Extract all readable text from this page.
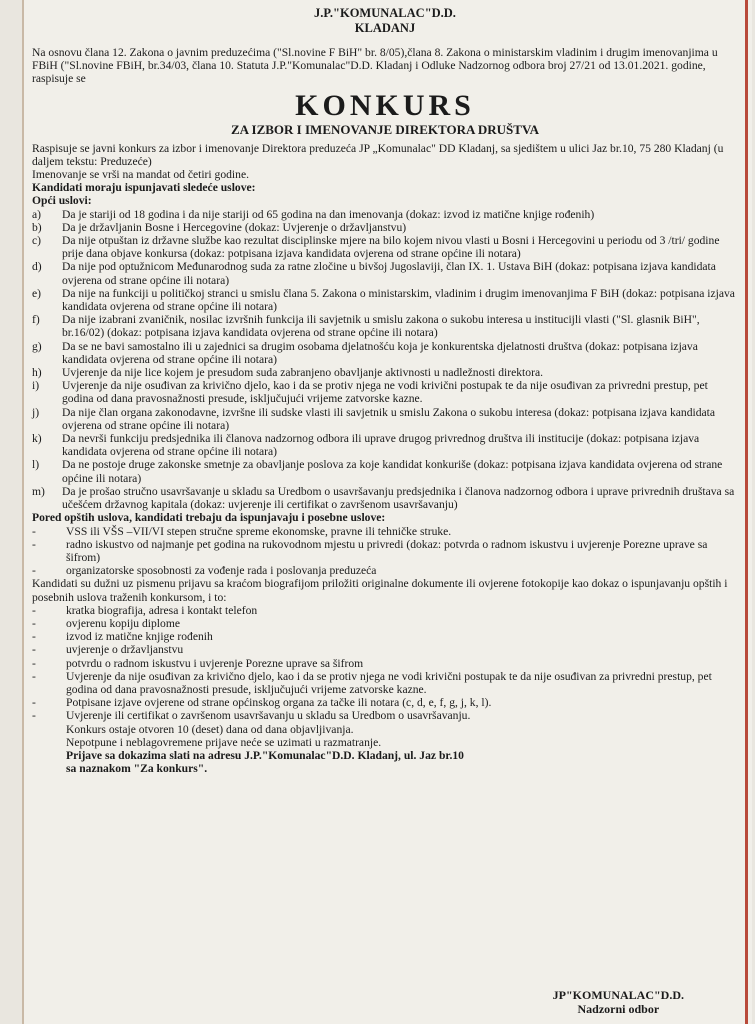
J.P."KOMUNALAC"D.D.
KLADANJ

Na osnovu člana 12. Zakona o javnim preduzećima ("Sl.novine F BiH" br. 8/05),člana 8. Zakona o ministarskim vladinim i drugim imenovanjima u FBiH ("Sl.novine FBiH, br.34/03, člana 10. Statuta J.P."Komunalac"D.D. Kladanj i Odluke Nadzornog odbora broj 27/21 od 13.01.2021. godine, raspisuje se

KONKURS
ZA IZBOR I IMENOVANJE DIREKTORA DRUŠTVA

Raspisuje se javni konkurs za izbor i imenovanje Direktora preduzeća JP „Komunalac" DD Kladanj, sa sjedištem u ulici Jaz br.10, 75 280 Kladanj (u daljem tekstu: Preduzeće)

Imenovanje se vrši na mandat od četiri godine.

Kandidati moraju ispunjavati sledeće uslove:

Opći uslovi:

a)	Da je stariji od 18 godina i da nije stariji od 65 godina na dan imenovanja (dokaz: izvod iz matične knjige rođenih)
b)	Da je državljanin Bosne i Hercegovine (dokaz: Uvjerenje o državljanstvu)
c)	Da nije otpuštan iz državne službe kao rezultat disciplinske mjere na bilo kojem nivou vlasti u Bosni i Hercegovini u periodu od 3 /tri/ godine prije dana objave konkursa (dokaz: potpisana izjava kandidata ovjerena od strane općine ili notara)
d)	Da nije pod optužnicom Međunarodnog suda za ratne zločine u bivšoj Jugoslaviji, član IX. 1. Ustava BiH (dokaz: potpisana izjava kandidata ovjerena od strane općine ili notara)
e)	Da nije na funkciji u političkoj stranci u smislu člana 5. Zakona o ministarskim, vladinim i drugim imenovanjima F BiH (dokaz: potpisana izjava kandidata ovjerena od strane općine ili notara)
f)	Da nije izabrani zvaničnik, nosilac izvršnih funkcija ili savjetnik u smislu zakona o sukobu interesa u institucijli vlasti ("Sl. glasnik BiH", br.16/02) (dokaz: potpisana izjava kandidata ovjerena od strane općine ili notara)
g)	Da se ne bavi samostalno ili u zajednici sa drugim osobama djelatnošću koja je konkurentska djelatnosti društva (dokaz: potpisana izjava kandidata ovjerena od strane općine ili notara)
h)	Uvjerenje da nije lice kojem je presudom suda zabranjeno obavljanje aktivnosti u nadležnosti direktora.
i)	Uvjerenje da nije osuđivan za krivično djelo, kao i da se protiv njega ne vodi krivični postupak te da nije osuđivan za privredni prestup, pet godina od dana pravosnažnosti presude, isključujući vrijeme zatvorske kazne.
j)	Da nije član organa zakonodavne, izvršne ili sudske vlasti ili savjetnik u smislu Zakona o sukobu interesa (dokaz: potpisana izjava kandidata ovjerena od strane općine ili notara)
k)	Da nevrši funkciju predsjednika ili članova nadzornog odbora ili uprave drugog privrednog društva ili institucije (dokaz: potpisana izjava kandidata ovjerena od strane općine ili notara)
l)	Da ne postoje druge zakonske smetnje za obavljanje poslova za koje kandidat konkuriše (dokaz: potpisana izjava kandidata ovjerena od strane općine ili notara)
m)	Da je prošao stručno usavršavanje u skladu sa Uredbom o usavršavanju predsjednika i članova nadzornog odbora i uprave privrednih društava sa učešćem državnog kapitala (dokaz: uvjerenje ili certifikat o završenom usavršavanju)

Pored opštih uslova, kandidati trebaju da ispunjavaju i posebne uslove:

-	VSS ili VŠS –VII/VI stepen stručne spreme ekonomske, pravne ili tehničke struke.
-	radno iskustvo od najmanje pet godina na rukovodnom mjestu u privredi (dokaz: potvrda o radnom iskustvu i uvjerenje Porezne uprave sa šifrom)
-	organizatorske sposobnosti za vođenje rada i poslovanja preduzeća

Kandidati su dužni uz pismenu prijavu sa kraćom biografijom priložiti originalne dokumente ili ovjerene fotokopije kao dokaz o ispunjavanju opštih i posebnih uslova traženih konkursom, i to:

-	kratka biografija, adresa i kontakt telefon
-	ovjerenu kopiju diplome
-	izvod iz matične knjige rođenih
-	uvjerenje o državljanstvu
-	potvrdu o radnom iskustvu i uvjerenje Porezne uprave sa šifrom
-	Uvjerenje da nije osuđivan za krivično djelo, kao i da se protiv njega ne vodi krivični postupak te da nije osuđivan za privredni prestup, pet godina od dana pravosnažnosti presude, isključujući vrijeme zatvorske kazne.
-	Potpisane izjave ovjerene od strane općinskog organa za tačke ili notara (c, d, e, f, g, j, k, l).
-	Uvjerenje ili certifikat o završenom usavršavanju u skladu sa Uredbom o usavršavanju.

Konkurs ostaje otvoren 10 (deset) dana od dana objavljivanja.

Nepotpune i neblagovremene prijave neće se uzimati u razmatranje.

Prijave sa dokazima slati na adresu J.P."Komunalac"D.D. Kladanj, ul. Jaz br.10

sa naznakom "Za konkurs".

JP"KOMUNALAC"D.D.
Nadzorni odbor
